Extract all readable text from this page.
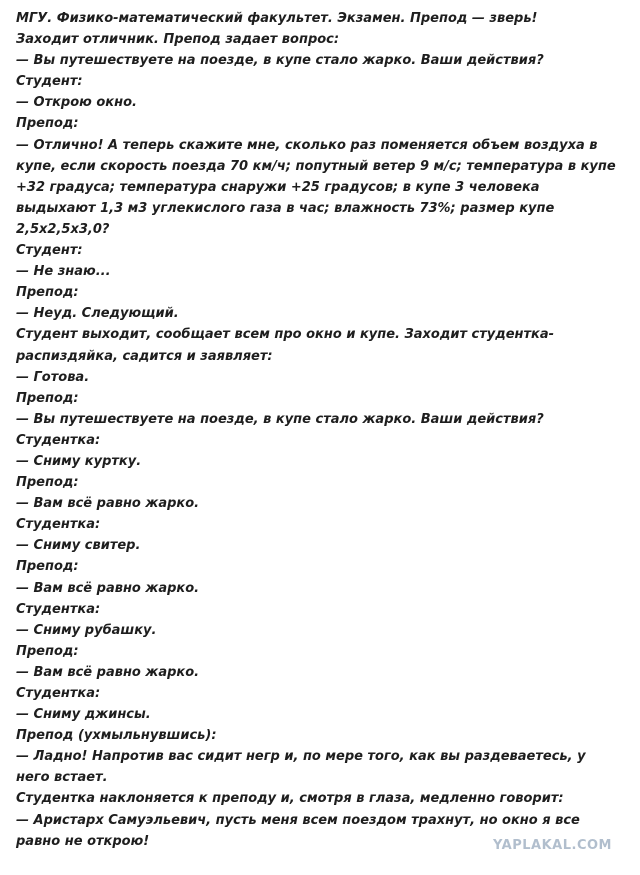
МГУ. Физико-математический факультет. Экзамен. Препод — зверь!

Заходит отличник. Препод задает вопрос:

— Вы путешествуете на поезде, в купе стало жарко. Ваши действия?

Студент:

— Открою окно.

Препод:

— Отлично! А теперь скажите мне, сколько раз поменяется объем воздуха в купе, если скорость поезда 70 км/ч; попутный ветер 9 м/с; температура в купе +32 градуса; температура снаружи +25 градусов; в купе 3 человека выдыхают 1,3 м3 углекислого газа в час; влажность 73%; размер купе 2,5х2,5х3,0?

Студент:

— Не знаю...

Препод:

— Неуд. Следующий.

Студент выходит, сообщает всем про окно и купе. Заходит студентка-распиздяйка, садится и заявляет:

— Готова.

Препод:

— Вы путешествуете на поезде, в купе стало жарко. Ваши действия?

Студентка:

— Сниму куртку.

Препод:

— Вам всё равно жарко.

Студентка:

— Сниму свитер.

Препод:

— Вам всё равно жарко.

Студентка:

— Сниму рубашку.

Препод:

— Вам всё равно жарко.

Студентка:

— Сниму джинсы.

Препод (ухмыльнувшись):

— Ладно! Напротив вас сидит негр и, по мере того, как вы раздеваетесь, у него встает.

Студентка наклоняется к преподу и, смотря в глаза, медленно говорит:

— Аристарх Самуэльевич, пусть меня всем поездом трахнут, но окно я все равно не открою!	YAPLAKAL.COM
